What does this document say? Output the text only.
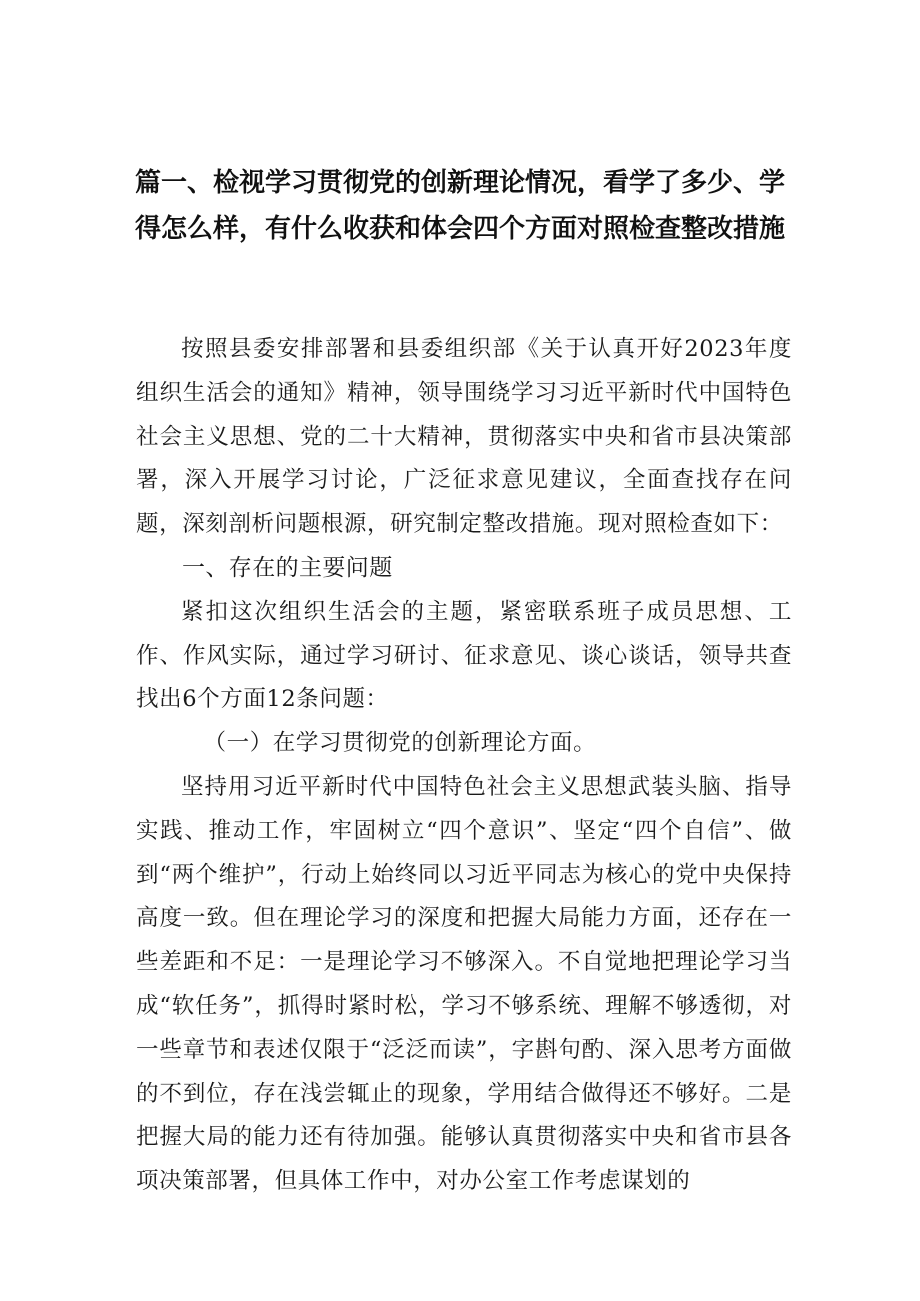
篇一、检视学习贯彻党的创新理论情况，看学了多少、学
得怎么样，有什么收获和体会四个方面对照检查整改措施

按照县委安排部署和县委组织部《关于认真开好2023年度组织生活会的通知》精神，领导围绕学习习近平新时代中国特色社会主义思想、党的二十大精神，贯彻落实中央和省市县决策部署，深入开展学习讨论，广泛征求意见建议，全面查找存在问题，深刻剖析问题根源，研究制定整改措施。现对照检查如下：

一、存在的主要问题

紧扣这次组织生活会的主题，紧密联系班子成员思想、工作、作风实际，通过学习研讨、征求意见、谈心谈话，领导共查找出6个方面12条问题：

（一）在学习贯彻党的创新理论方面。

坚持用习近平新时代中国特色社会主义思想武装头脑、指导实践、推动工作，牢固树立“四个意识”、坚定“四个自信”、做到“两个维护”，行动上始终同以习近平同志为核心的党中央保持高度一致。但在理论学习的深度和把握大局能力方面，还存在一些差距和不足：一是理论学习不够深入。不自觉地把理论学习当成“软任务”，抓得时紧时松，学习不够系统、理解不够透彻，对一些章节和表述仅限于“泛泛而读”，字斟句酌、深入思考方面做的不到位，存在浅尝辄止的现象，学用结合做得还不够好。二是把握大局的能力还有待加强。能够认真贯彻落实中央和省市县各项决策部署，但具体工作中，对办公室工作考虑谋划的
